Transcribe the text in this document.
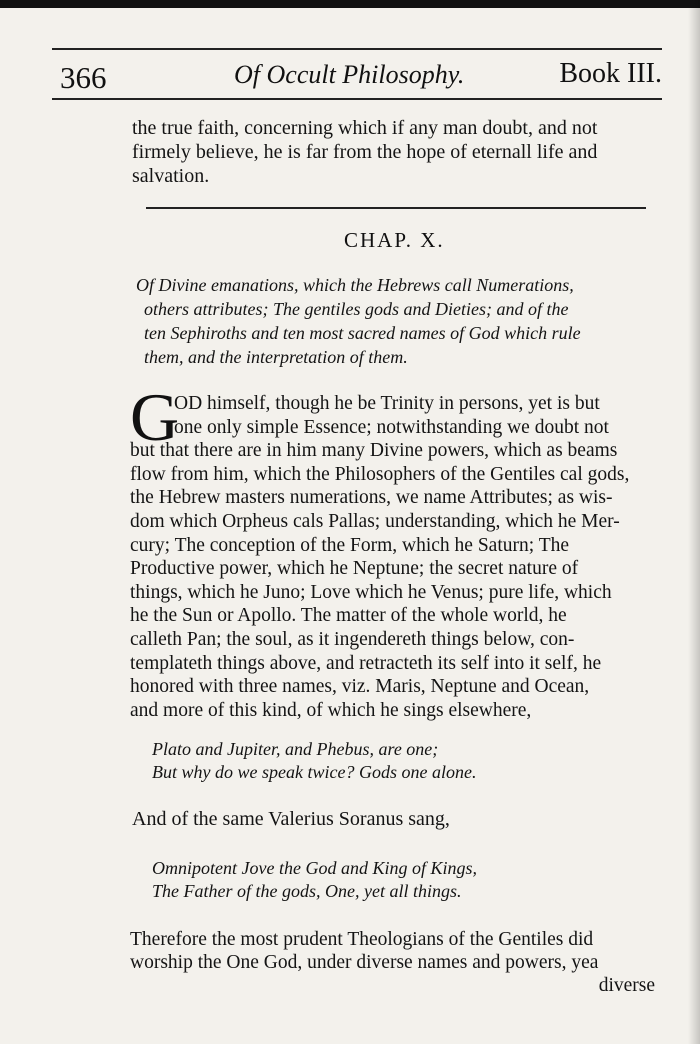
366	Of Occult Philosophy.	Book III.
the true faith, concerning which if any man doubt, and not
firmely believe, he is far from the hope of eternall life and
salvation.
CHAP. X.
Of Divine emanations, which the Hebrews call Numerations,
others attributes; The gentiles gods and Dieties; and of the
ten Sephiroths and ten most sacred names of God which rule
them, and the interpretation of them.
G
OD himself, though he be Trinity in persons, yet is but
one only simple Essence; notwithstanding we doubt not
but that there are in him many Divine powers, which as beams
flow from him, which the Philosophers of the Gentiles cal gods,
the Hebrew masters numerations, we name Attributes; as wis-
dom which Orpheus cals Pallas; understanding, which he Mer-
cury; The conception of the Form, which he Saturn; The
Productive power, which he Neptune; the secret nature of
things, which he Juno; Love which he Venus; pure life, which
he the Sun or Apollo. The matter of the whole world, he
calleth Pan; the soul, as it ingendereth things below, con-
templateth things above, and retracteth its self into it self, he
honored with three names, viz. Maris, Neptune and Ocean,
and more of this kind, of which he sings elsewhere,
Plato and Jupiter, and Phebus, are one;
But why do we speak twice? Gods one alone.
And of the same Valerius Soranus sang,
Omnipotent Jove the God and King of Kings,
The Father of the gods, One, yet all things.
Therefore the most prudent Theologians of the Gentiles did
worship the One God, under diverse names and powers, yea
diverse
